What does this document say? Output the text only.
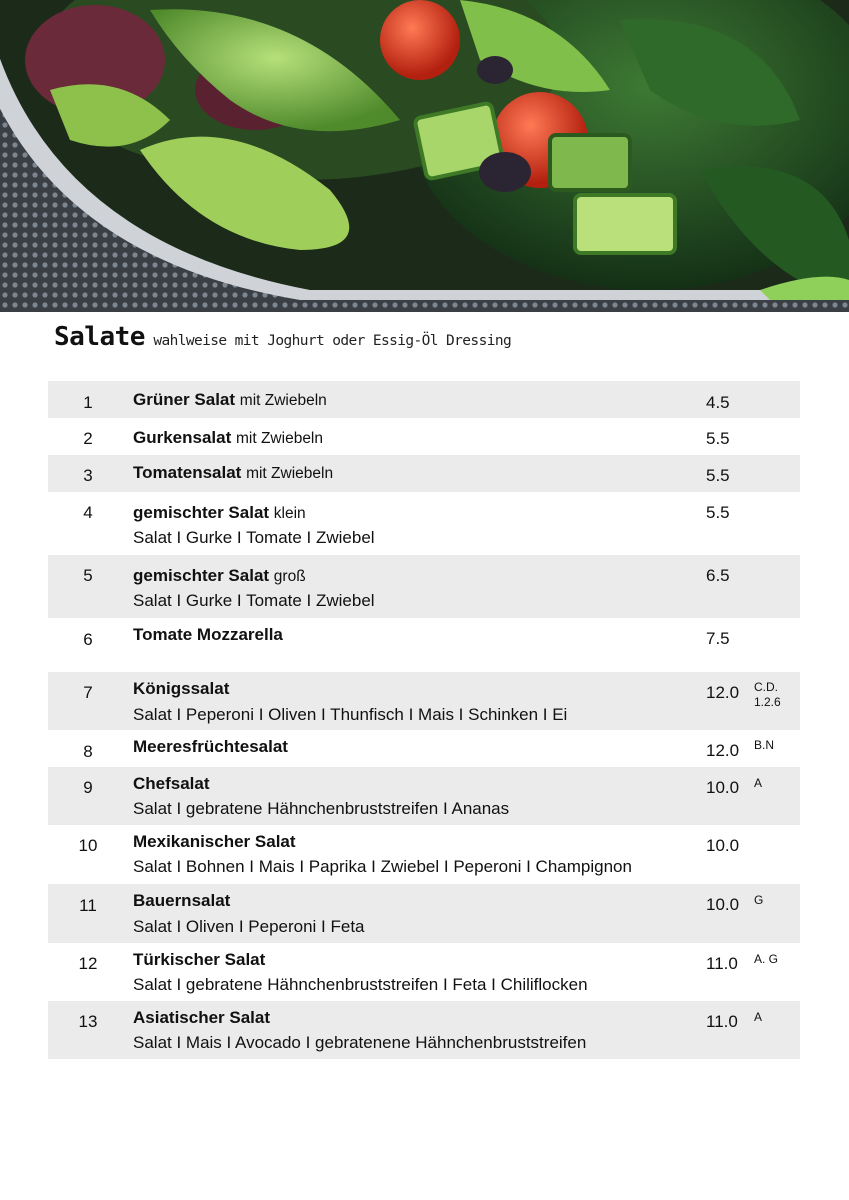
Salate wahlweise mit Joghurt oder Essig-Öl Dressing
1	Grüner Salat mit Zwiebeln	4.5
2	Gurkensalat mit Zwiebeln	5.5
3	Tomatensalat mit Zwiebeln	5.5
4	gemischter Salat klein
Salat I Gurke I Tomate I Zwiebel
5.5
5	gemischter Salat groß
Salat I Gurke I Tomate I Zwiebel
6.5
6	Tomate Mozzarella	7.5
7	Königssalat
Salat I Peperoni I Oliven I Thunfisch I Mais I Schinken I Ei
12.0 C.D.
1.2.6
8	Meeresfrüchtesalat	12.0 B.N
9	Chefsalat
Salat I gebratene Hähnchenbruststreifen I Ananas
10.0 A
10	Mexikanischer Salat
Salat I Bohnen I Mais I Paprika I Zwiebel I Peperoni I Champignon
10.0
11	Bauernsalat
Salat I Oliven I Peperoni I Feta
10.0 G
12	Türkischer Salat
Salat I gebratene Hähnchenbruststreifen I Feta I Chiliflocken
11.0 A. G
13	Asiatischer Salat
Salat I Mais I Avocado I gebratenene Hähnchenbruststreifen
11.0 A
